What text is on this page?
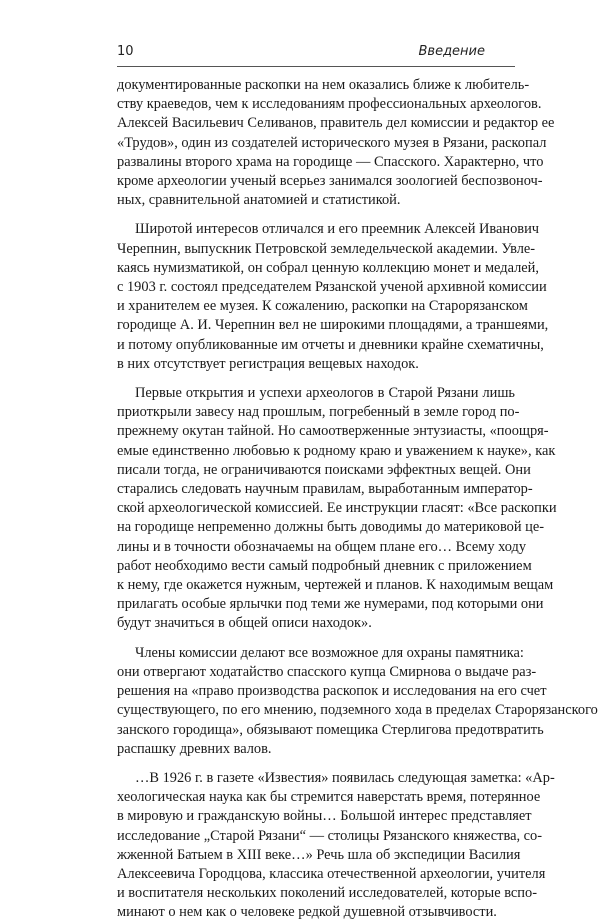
10	Введение
документированные раскопки на нем оказались ближе к любитель-
ству краеведов, чем к исследованиям профессиональных археологов.
Алексей Васильевич Селиванов, правитель дел комиссии и редактор ее
«Трудов», один из создателей исторического музея в Рязани, раскопал
развалины второго храма на городище — Спасского. Характерно, что
кроме археологии ученый всерьез занимался зоологией беспозвоноч-
ных, сравнительной анатомией и статистикой.
Широтой интересов отличался и его преемник Алексей Иванович
Черепнин, выпускник Петровской земледельческой академии. Увле-
каясь нумизматикой, он собрал ценную коллекцию монет и медалей,
с 1903 г. состоял председателем Рязанской ученой архивной комиссии
и хранителем ее музея. К сожалению, раскопки на Старорязанском
городище А. И. Черепнин вел не широкими площадями, а траншеями,
и потому опубликованные им отчеты и дневники крайне схематичны,
в них отсутствует регистрация вещевых находок.
Первые открытия и успехи археологов в Старой Рязани лишь
приоткрыли завесу над прошлым, погребенный в земле город по-
прежнему окутан тайной. Но самоотверженные энтузиасты, «поощря-
емые единственно любовью к родному краю и уважением к науке», как
писали тогда, не ограничиваются поисками эффектных вещей. Они
старались следовать научным правилам, выработанным император-
ской археологической комиссией. Ее инструкции гласят: «Все раскопки
на городище непременно должны быть доводимы до материковой це-
лины и в точности обозначаемы на общем плане его… Всему ходу
работ необходимо вести самый подробный дневник с приложением
к нему, где окажется нужным, чертежей и планов. К находимым вещам
прилагать особые ярлычки под теми же нумерами, под которыми они
будут значиться в общей описи находок».
Члены комиссии делают все возможное для охраны памятника:
они отвергают ходатайство спасского купца Смирнова о выдаче раз-
решения на «право производства раскопок и исследования на его счет
существующего, по его мнению, подземного хода в пределах Старорязанского
занского городища», обязывают помещика Стерлигова предотвратить
распашку древних валов.
…В 1926 г. в газете «Известия» появилась следующая заметка: «Ар-
хеологическая наука как бы стремится наверстать время, потерянное
в мировую и гражданскую войны… Большой интерес представляет
исследование „Старой Рязани“ — столицы Рязанского княжества, со-
жженной Батыем в XIII веке…» Речь шла об экспедиции Василия
Алексеевича Городцова, классика отечественной археологии, учителя
и воспитателя нескольких поколений исследователей, которые вспо-
минают о нем как о человеке редкой душевной отзывчивости.
